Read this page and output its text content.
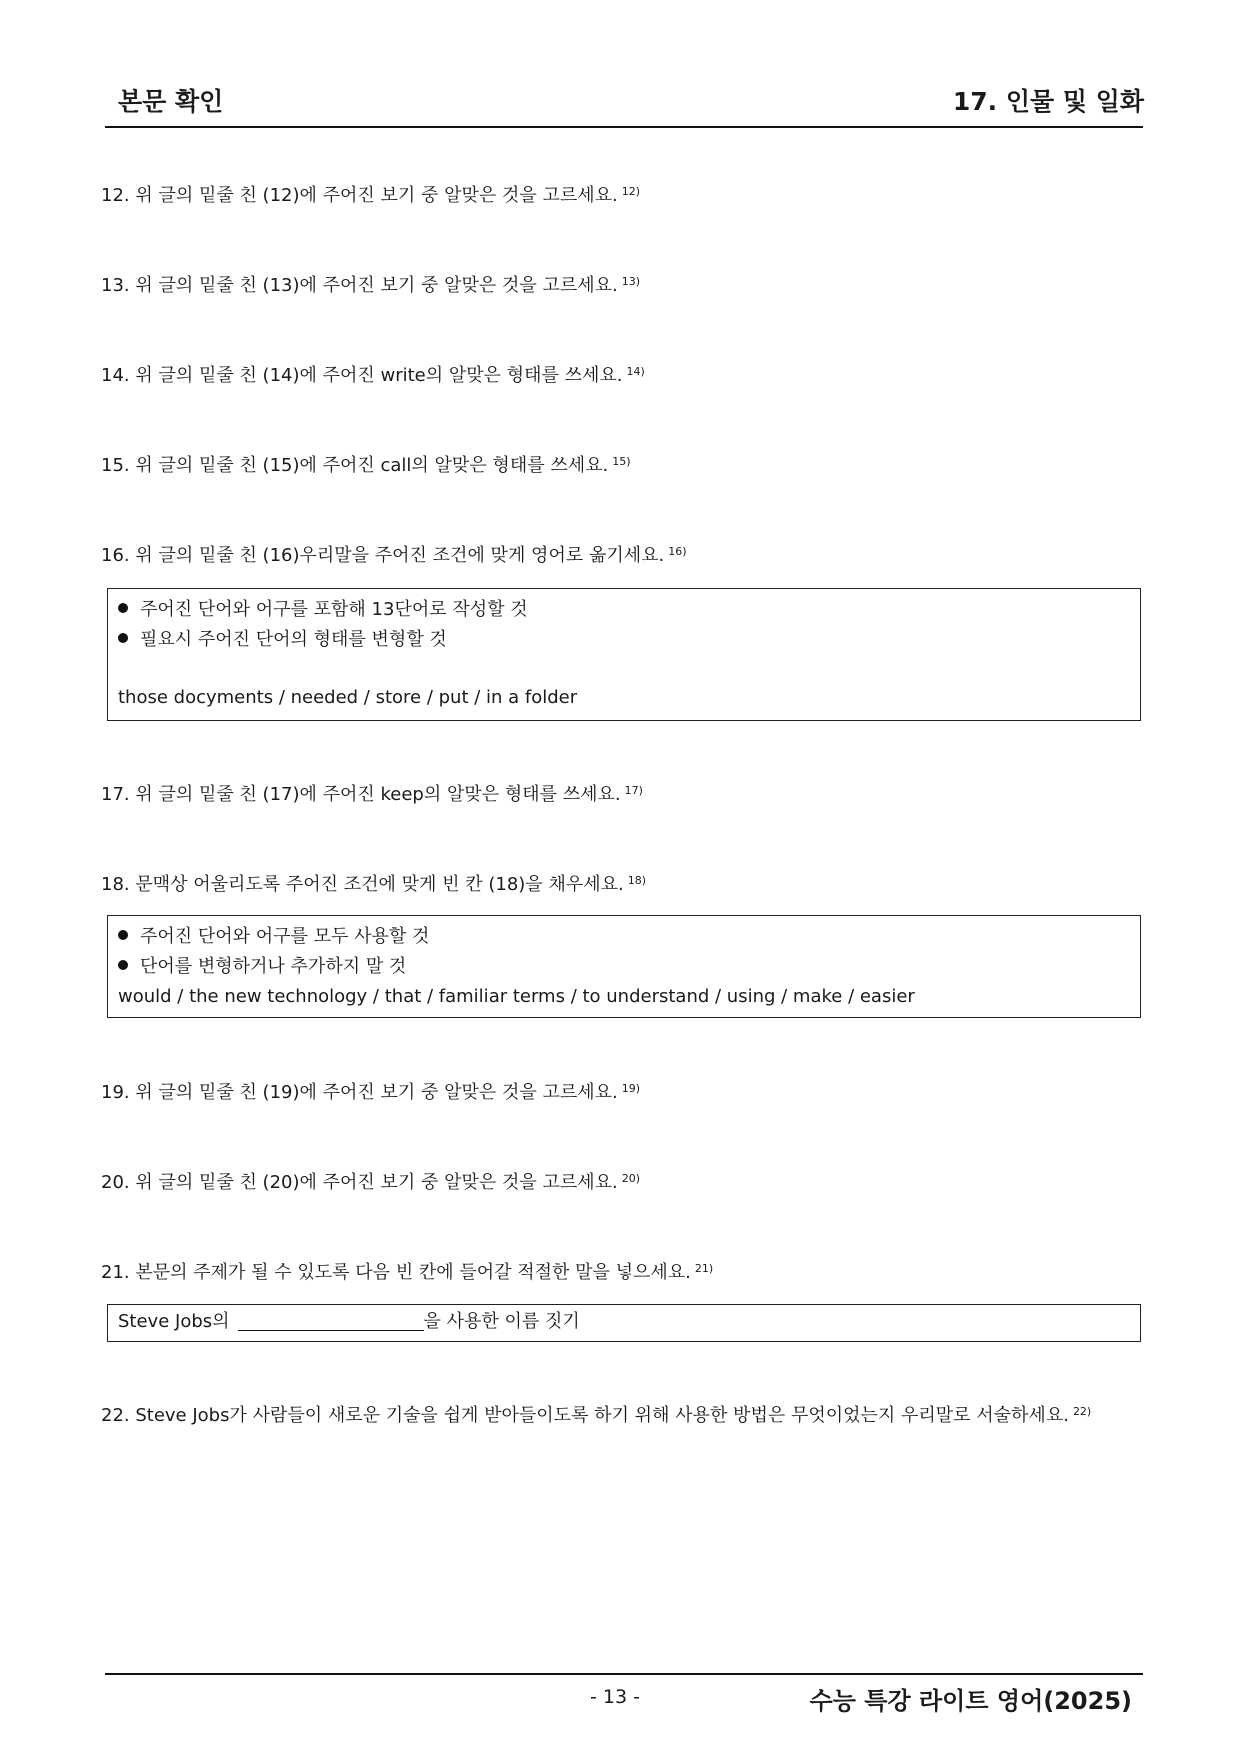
본문 확인	17. 인물 및 일화
12. 위 글의 밑줄 친 (12)에 주어진 보기 중 알맞은 것을 고르세요. $^{12)}$
13. 위 글의 밑줄 친 (13)에 주어진 보기 중 알맞은 것을 고르세요. $^{13)}$
14. 위 글의 밑줄 친 (14)에 주어진 write의 알맞은 형태를 쓰세요. $^{14)}$
15. 위 글의 밑줄 친 (15)에 주어진 call의 알맞은 형태를 쓰세요. $^{15)}$
16. 위 글의 밑줄 친 (16)우리말을 주어진 조건에 맞게 영어로 옮기세요. $^{16)}$
주어진 단어와 어구를 포함해 13단어로 작성할 것
필요시 주어진 단어의 형태를 변형할 것
those docyments / needed / store / put / in a folder
17. 위 글의 밑줄 친 (17)에 주어진 keep의 알맞은 형태를 쓰세요. $^{17)}$
18. 문맥상 어울리도록 주어진 조건에 맞게 빈 칸 (18)을 채우세요. $^{18)}$
주어진 단어와 어구를 모두 사용할 것
단어를 변형하거나 추가하지 말 것
would / the new technology / that / familiar terms / to understand / using / make / easier
19. 위 글의 밑줄 친 (19)에 주어진 보기 중 알맞은 것을 고르세요. $^{19)}$
20. 위 글의 밑줄 친 (20)에 주어진 보기 중 알맞은 것을 고르세요. $^{20)}$
21. 본문의 주제가 될 수 있도록 다음 빈 칸에 들어갈 적절한 말을 넣으세요. $^{21)}$
Steve Jobs의	을 사용한 이름 짓기
22. Steve Jobs가 사람들이 새로운 기술을 쉽게 받아들이도록 하기 위해 사용한 방법은 무엇이었는지 우리말로 서술하세요. $^{22)}$
- 13 -	수능 특강 라이트 영어(2025)
